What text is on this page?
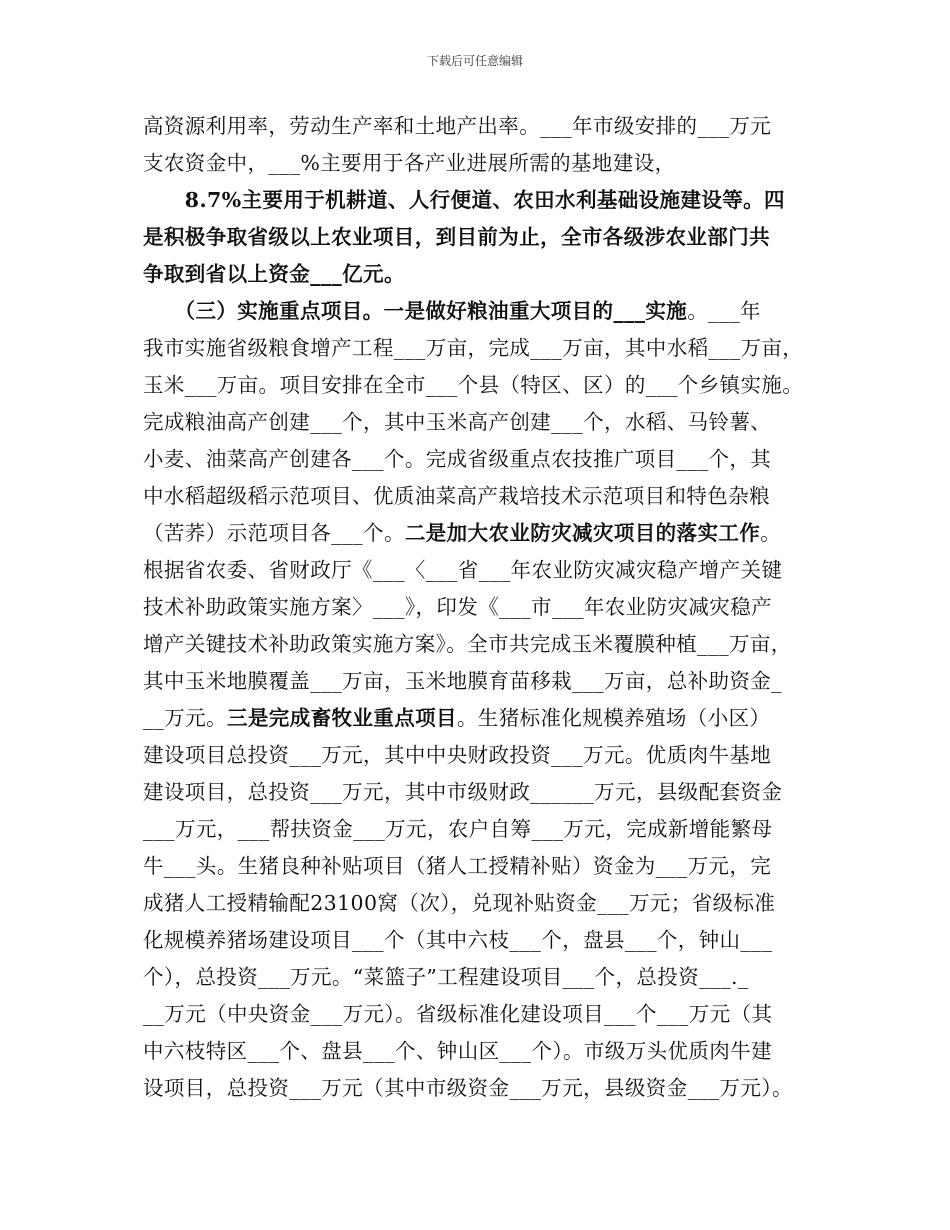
下载后可任意编辑
高资源利用率，劳动生产率和土地产出率。___年市级安排的___万元
支农资金中，___%主要用于各产业进展所需的基地建设，
　　8.7%主要用于机耕道、人行便道、农田水利基础设施建设等。四
是积极争取省级以上农业项目，到目前为止，全市各级涉农业部门共
争取到省以上资金___亿元。
　　（三）实施重点项目。一是做好粮油重大项目的___实施。___年
我市实施省级粮食增产工程___万亩，完成___万亩，其中水稻___万亩，
玉米___万亩。项目安排在全市___个县（特区、区）的___个乡镇实施。
完成粮油高产创建___个，其中玉米高产创建___个，水稻、马铃薯、
小麦、油菜高产创建各___个。完成省级重点农技推广项目___个，其
中水稻超级稻示范项目、优质油菜高产栽培技术示范项目和特色杂粮
（苦荞）示范项目各___个。二是加大农业防灾减灾项目的落实工作。
根据省农委、省财政厅《___〈___省___年农业防灾减灾稳产增产关键
技术补助政策实施方案〉___》，印发《___市___年农业防灾减灾稳产
增产关键技术补助政策实施方案》。全市共完成玉米覆膜种植___万亩，
其中玉米地膜覆盖___万亩，玉米地膜育苗移栽___万亩，总补助资金_
__万元。三是完成畜牧业重点项目。生猪标准化规模养殖场（小区）
建设项目总投资___万元，其中中央财政投资___万元。优质肉牛基地
建设项目，总投资___万元，其中市级财政______万元，县级配套资金
___万元，___帮扶资金___万元，农户自筹___万元，完成新增能繁母
牛___头。生猪良种补贴项目（猪人工授精补贴）资金为___万元，完
成猪人工授精输配23100窝（次），兑现补贴资金___万元；省级标准
化规模养猪场建设项目___个（其中六枝___个，盘县___个，钟山___
个），总投资___万元。“菜篮子”工程建设项目___个，总投资___._
__万元（中央资金___万元）。省级标准化建设项目___个___万元（其
中六枝特区___个、盘县___个、钟山区___个）。市级万头优质肉牛建
设项目，总投资___万元（其中市级资金___万元，县级资金___万元）。
